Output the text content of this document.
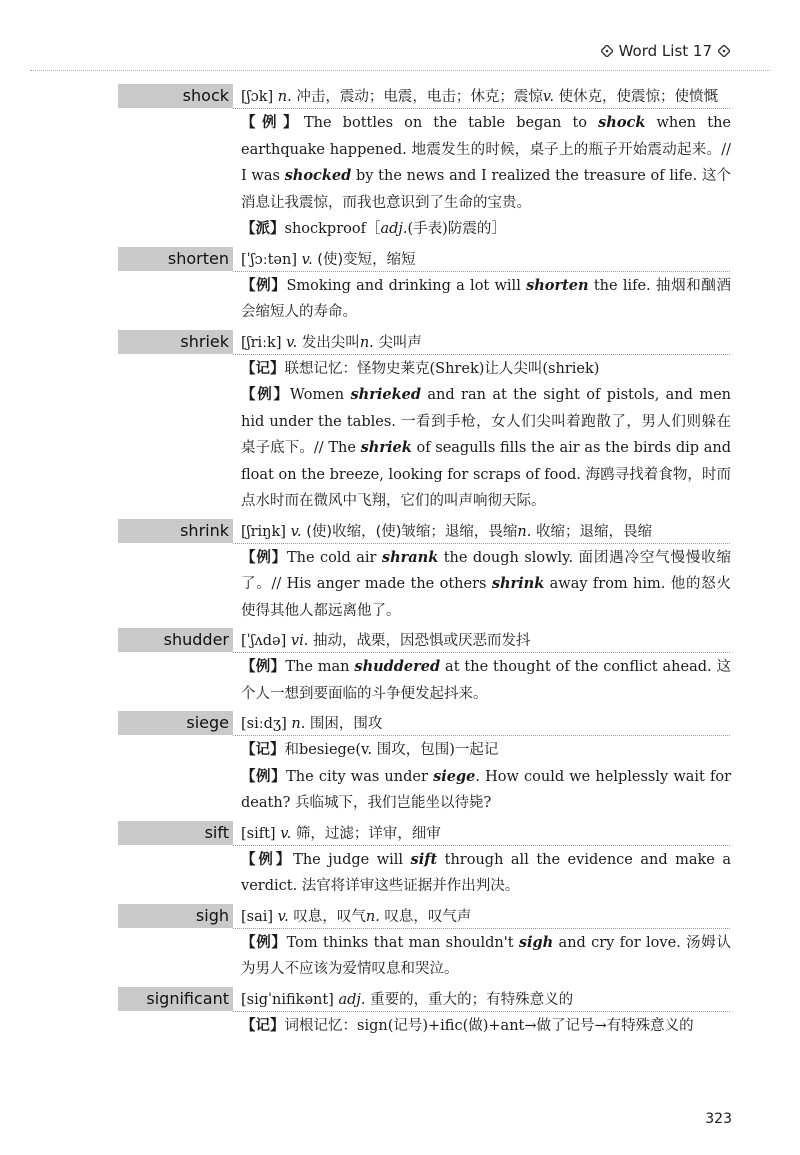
Word List 17
shock [ʃɔk] n. 冲击，震动；电震，电击；休克；震惊v. 使休克，使震惊；使愤慨
【例】The bottles on the table began to shock when the earthquake happened. 地震发生的时候，桌子上的瓶子开始震动起来。// I was shocked by the news and I realized the treasure of life. 这个消息让我震惊，而我也意识到了生命的宝贵。
【派】shockproof［adj.(手表)防震的］
shorten [ˈʃɔːtən] v. (使)变短，缩短
【例】Smoking and drinking a lot will shorten the life. 抽烟和酗酒会缩短人的寿命。
shriek [ʃriːk] v. 发出尖叫n. 尖叫声
【记】联想记忆：怪物史莱克(Shrek)让人尖叫(shriek)
【例】Women shrieked and ran at the sight of pistols, and men hid under the tables. 一看到手枪，女人们尖叫着跑散了，男人们则躲在桌子底下。// The shriek of seagulls fills the air as the birds dip and float on the breeze, looking for scraps of food. 海鸥寻找着食物，时而点水时而在微风中飞翔，它们的叫声响彻天际。
shrink [ʃriŋk] v. (使)收缩，(使)皱缩；退缩，畏缩n. 收缩；退缩，畏缩
【例】The cold air shrank the dough slowly. 面团遇冷空气慢慢收缩了。// His anger made the others shrink away from him. 他的怒火使得其他人都远离他了。
shudder [ˈʃʌdə] vi. 抽动，战栗，因恐惧或厌恶而发抖
【例】The man shuddered at the thought of the conflict ahead. 这个人一想到要面临的斗争便发起抖来。
siege [siːdʒ] n. 围困，围攻
【记】和besiege(v. 围攻，包围)一起记
【例】The city was under siege. How could we helplessly wait for death? 兵临城下，我们岂能坐以待毙?
sift [sift] v. 筛，过滤；详审，细审
【例】The judge will sift through all the evidence and make a verdict. 法官将详审这些证据并作出判决。
sigh [sai] v. 叹息，叹气n. 叹息，叹气声
【例】Tom thinks that man shouldn't sigh and cry for love. 汤姆认为男人不应该为爱情叹息和哭泣。
significant [sigˈnifikənt] adj. 重要的，重大的；有特殊意义的
【记】词根记忆：sign(记号)+ific(做)+ant→做了记号→有特殊意义的
323
